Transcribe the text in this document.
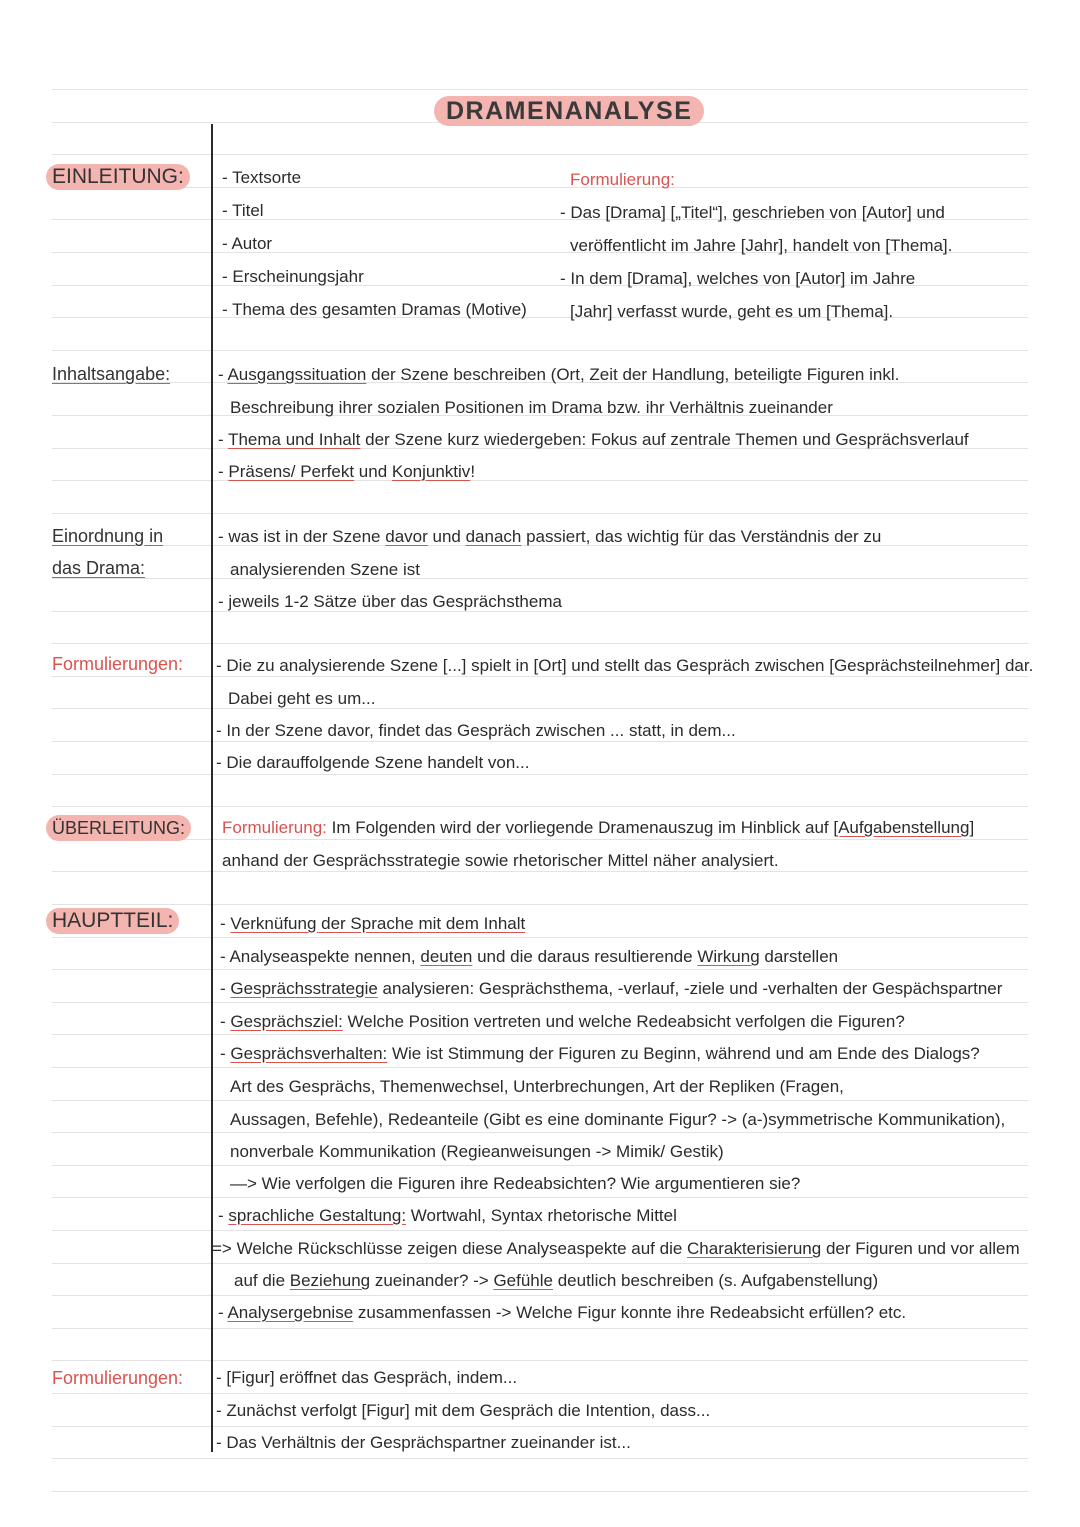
DRAMENANALYSE
EINLEITUNG:	- Textsorte
- Titel
- Autor
- Erscheinungsjahr
- Thema des gesamten Dramas (Motive)
Formulierung:
- Das [Drama] [„Titel“], geschrieben von [Autor] und
veröffentlicht im Jahre [Jahr], handelt von [Thema].
- In dem [Drama], welches von [Autor] im Jahre
[Jahr] verfasst wurde, geht es um [Thema].
Inhaltsangabe:	- Ausgangssituation der Szene beschreiben (Ort, Zeit der Handlung, beteiligte Figuren inkl.
Beschreibung ihrer sozialen Positionen im Drama bzw. ihr Verhältnis zueinander
- Thema und Inhalt der Szene kurz wiedergeben: Fokus auf zentrale Themen und Gesprächsverlauf
- Präsens/ Perfekt und Konjunktiv!
Einordnung in
das Drama:
- was ist in der Szene davor und danach passiert, das wichtig für das Verständnis der zu
analysierenden Szene ist
- jeweils 1-2 Sätze über das Gesprächsthema
Formulierungen: - Die zu analysierende Szene [...] spielt in [Ort] und stellt das Gespräch zwischen [Gesprächsteilnehmer] dar.
Dabei geht es um...
- In der Szene davor, findet das Gespräch zwischen ... statt, in dem...
- Die darauffolgende Szene handelt von...
ÜBERLEITUNG:	Formulierung: Im Folgenden wird der vorliegende Dramenauszug im Hinblick auf [Aufgabenstellung]
anhand der Gesprächsstrategie sowie rhetorischer Mittel näher analysiert.
HAUPTTEIL:	- Verknüfung der Sprache mit dem Inhalt
- Analyseaspekte nennen, deuten und die daraus resultierende Wirkung darstellen
- Gesprächsstrategie analysieren: Gesprächsthema, -verlauf, -ziele und -verhalten der Gespächspartner
- Gesprächsziel: Welche Position vertreten und welche Redeabsicht verfolgen die Figuren?
- Gesprächsverhalten: Wie ist Stimmung der Figuren zu Beginn, während und am Ende des Dialogs?
Art des Gesprächs, Themenwechsel, Unterbrechungen, Art der Repliken (Fragen,
Aussagen, Befehle), Redeanteile (Gibt es eine dominante Figur? -> (a-)symmetrische Kommunikation),
nonverbale Kommunikation (Regieanweisungen -> Mimik/ Gestik)
—> Wie verfolgen die Figuren ihre Redeabsichten? Wie argumentieren sie?
- sprachliche Gestaltung: Wortwahl, Syntax rhetorische Mittel
=> Welche Rückschlüsse zeigen diese Analyseaspekte auf die Charakterisierung der Figuren und vor allem
auf die Beziehung zueinander? -> Gefühle deutlich beschreiben (s. Aufgabenstellung)
- Analysergebnise zusammenfassen -> Welche Figur konnte ihre Redeabsicht erfüllen? etc.
Formulierungen: - [Figur] eröffnet das Gespräch, indem...
- Zunächst verfolgt [Figur] mit dem Gespräch die Intention, dass...
- Das Verhältnis der Gesprächspartner zueinander ist...
